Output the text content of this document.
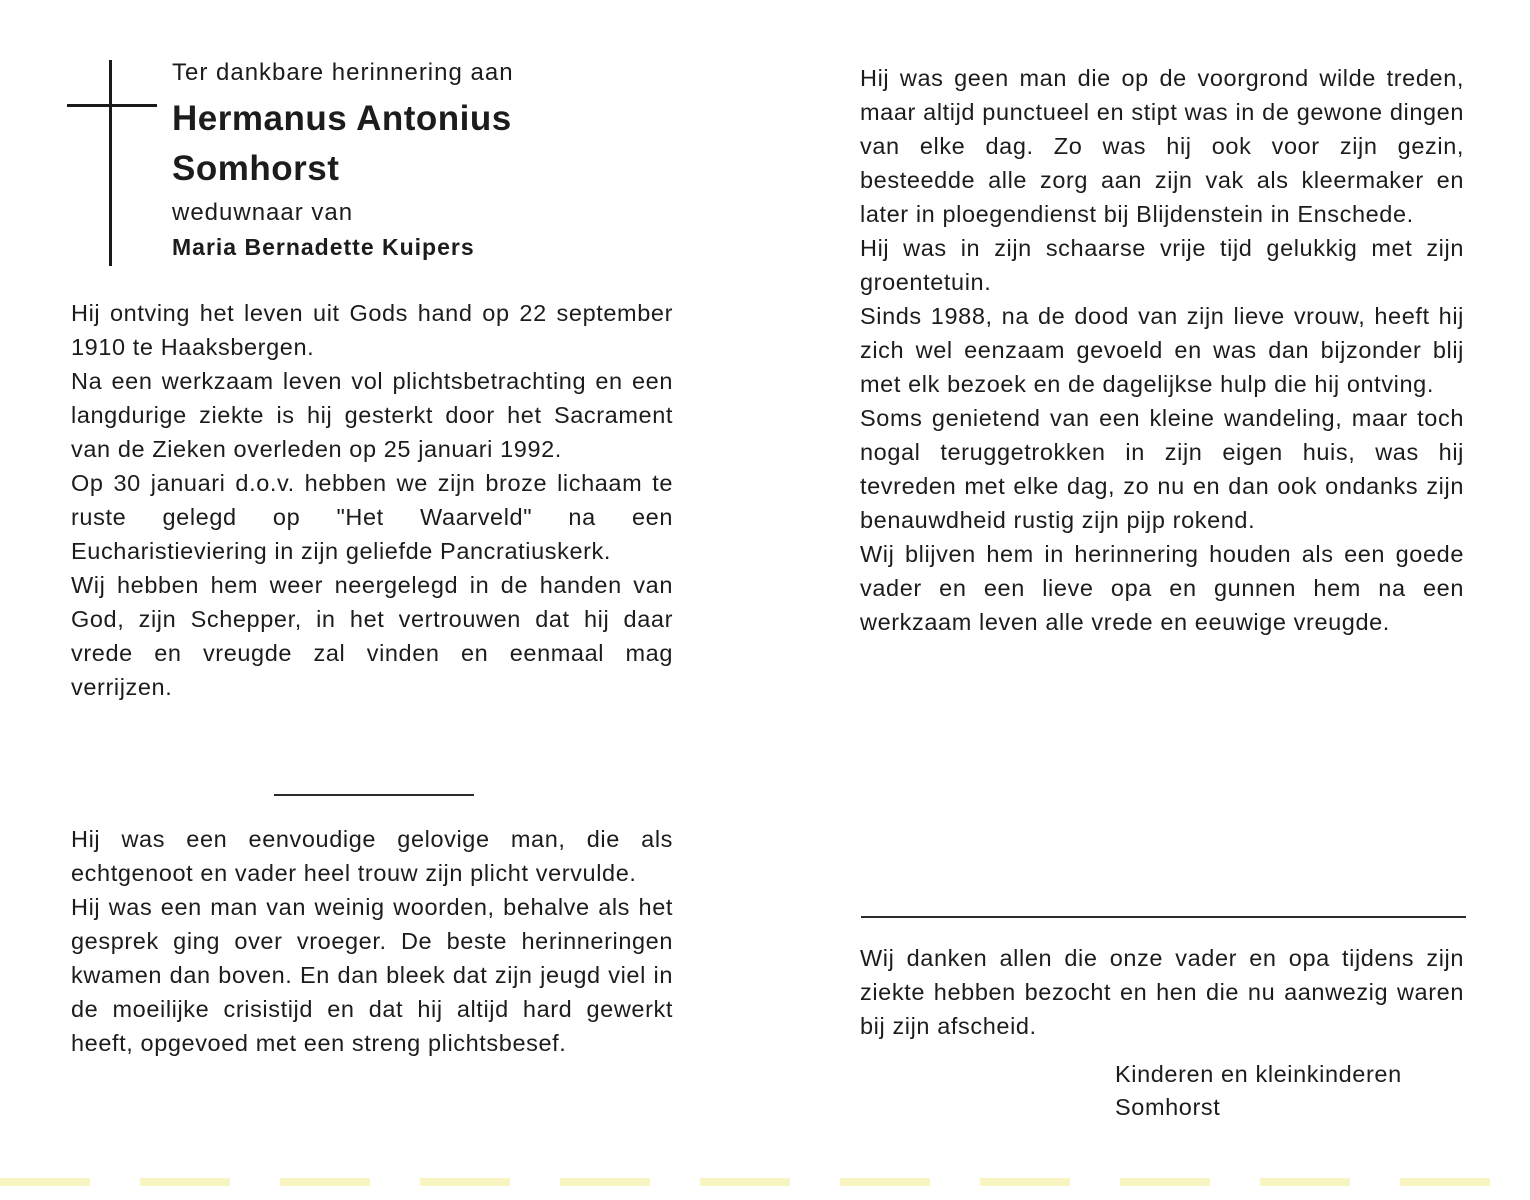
Ter dankbare herinnering aan
Hermanus Antonius
Somhorst
weduwnaar van
Maria Bernadette Kuipers

Hij ontving het leven uit Gods hand op 22 september 1910 te Haaksbergen.

Na een werkzaam leven vol plichtsbetrachting en een langdurige ziekte is hij gesterkt door het Sacrament van de Zieken overleden op 25 januari 1992.

Op 30 januari d.o.v. hebben we zijn broze lichaam te ruste gelegd op "Het Waarveld" na een Eucharistieviering in zijn geliefde Pancratiuskerk.

Wij hebben hem weer neergelegd in de handen van God, zijn Schepper, in het vertrouwen dat hij daar vrede en vreugde zal vinden en eenmaal mag verrijzen.

Hij was een eenvoudige gelovige man, die als echtgenoot en vader heel trouw zijn plicht vervulde.

Hij was een man van weinig woorden, behalve als het gesprek ging over vroeger. De beste herinneringen kwamen dan boven. En dan bleek dat zijn jeugd viel in de moeilijke crisistijd en dat hij altijd hard gewerkt heeft, opgevoed met een streng plichtsbesef.

Hij was geen man die op de voorgrond wilde treden, maar altijd punctueel en stipt was in de gewone dingen van elke dag. Zo was hij ook voor zijn gezin, besteedde alle zorg aan zijn vak als kleermaker en later in ploegendienst bij Blijdenstein in Enschede.

Hij was in zijn schaarse vrije tijd gelukkig met zijn groentetuin.

Sinds 1988, na de dood van zijn lieve vrouw, heeft hij zich wel eenzaam gevoeld en was dan bijzonder blij met elk bezoek en de dagelijkse hulp die hij ontving.

Soms genietend van een kleine wandeling, maar toch nogal teruggetrokken in zijn eigen huis, was hij tevreden met elke dag, zo nu en dan ook ondanks zijn benauwdheid rustig zijn pijp rokend.

Wij blijven hem in herinnering houden als een goede vader en een lieve opa en gunnen hem na een werkzaam leven alle vrede en eeuwige vreugde.

Wij danken allen die onze vader en opa tijdens zijn ziekte hebben bezocht en hen die nu aanwezig waren bij zijn afscheid.

Kinderen en kleinkinderen
Somhorst
